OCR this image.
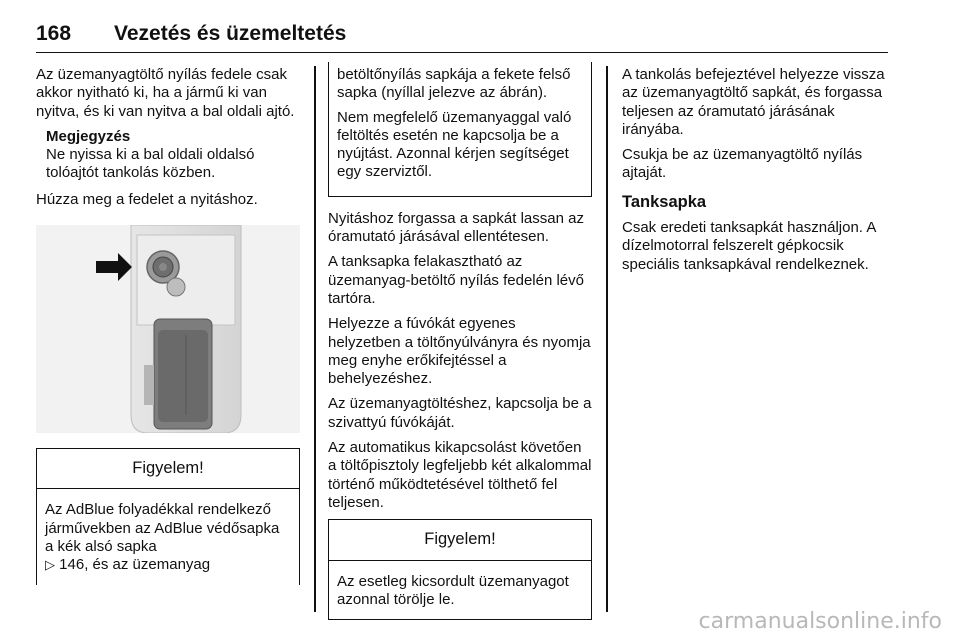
168 Vezetés és üzemeltetés

Az üzemanyagtöltő nyílás fedele csak akkor nyitható ki, ha a jármű ki van nyitva, és ki van nyitva a bal oldali ajtó.

Megjegyzés
Ne nyissa ki a bal oldali oldalsó tolóajtót tankolás közben.

Húzza meg a fedelet a nyitáshoz.

Figyelem!
Az AdBlue folyadékkal rendelkező járművekben az AdBlue védősapka a kék alsó sapka
▷ 146, és az üzemanyag

betöltőnyílás sapkája a fekete felső sapka (nyíllal jelezve az ábrán).

Nem megfelelő üzemanyaggal való feltöltés esetén ne kapcsolja be a nyújtást. Azonnal kérjen segítséget egy szerviztől.

Nyitáshoz forgassa a sapkát lassan az óramutató járásával ellentétesen.

A tanksapka felakasztható az üzemanyag-betöltő nyílás fedelén lévő tartóra.

Helyezze a fúvókát egyenes helyzetben a töltőnyúlványra és nyomja meg enyhe erőkifejtéssel a behelyezéshez.

Az üzemanyagtöltéshez, kapcsolja be a szivattyú fúvókáját.

Az automatikus kikapcsolást követően a töltőpisztoly legfeljebb két alkalommal történő működtetésével tölthető fel teljesen.

Figyelem!
Az esetleg kicsordult üzemanyagot azonnal törölje le.

A tankolás befejeztével helyezze vissza az üzemanyagtöltő sapkát, és forgassa teljesen az óramutató járásának irányába.

Csukja be az üzemanyagtöltő nyílás ajtaját.

Tanksapka

Csak eredeti tanksapkát használjon. A dízelmotorral felszerelt gépkocsik speciális tanksapkával rendelkeznek.

carmanualsonline.info
